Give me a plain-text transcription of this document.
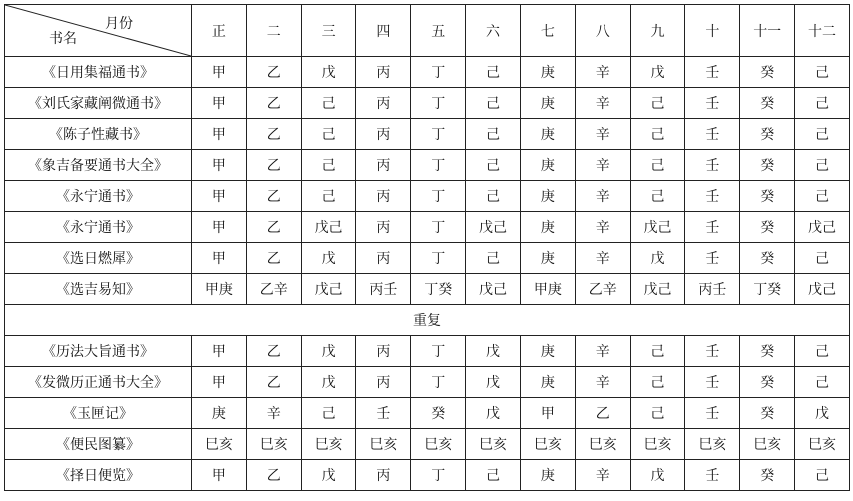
月份
书名	正	二	三	四	五	六	七	八	九	十	十一	十二
《日用集福通书》	甲	乙	戊	丙	丁	己	庚	辛	戊	壬	癸	己
《刘氏家藏阐微通书》	甲	乙	己	丙	丁	己	庚	辛	己	壬	癸	己
《陈子性藏书》	甲	乙	己	丙	丁	己	庚	辛	己	壬	癸	己
《象吉备要通书大全》	甲	乙	己	丙	丁	己	庚	辛	己	壬	癸	己
《永宁通书》	甲	乙	己	丙	丁	己	庚	辛	己	壬	癸	己
《永宁通书》	甲	乙	戊己	丙	丁	戊己	庚	辛	戊己	壬	癸	戊己
《选日燃犀》	甲	乙	戊	丙	丁	己	庚	辛	戊	壬	癸	己
《选吉易知》	甲庚	乙辛	戊己	丙壬	丁癸	戊己	甲庚	乙辛	戊己	丙壬	丁癸	戊己
重复												
《历法大旨通书》	甲	乙	戊	丙	丁	戊	庚	辛	己	壬	癸	己
《发微历正通书大全》	甲	乙	戊	丙	丁	戊	庚	辛	己	壬	癸	己
《玉匣记》	庚	辛	己	壬	癸	戊	甲	乙	己	壬	癸	戊
《便民图纂》	巳亥	巳亥	巳亥	巳亥	巳亥	巳亥	巳亥	巳亥	巳亥	巳亥	巳亥	巳亥
《择日便览》	甲	乙	戊	丙	丁	己	庚	辛	戊	壬	癸	己
